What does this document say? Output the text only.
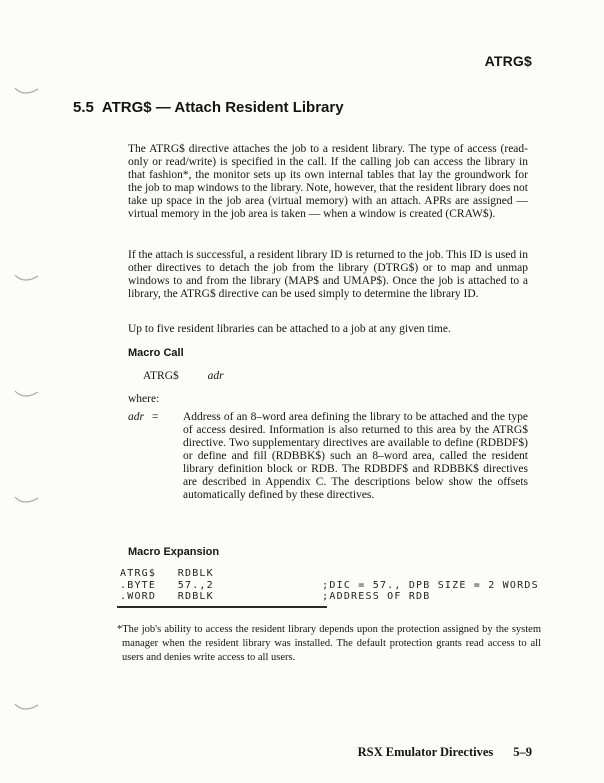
ATRG$
5.5 ATRG$ — Attach Resident Library

The ATRG$ directive attaches the job to a resident library. The type of access (read-only or read/write) is specified in the call. If the calling job can access the library in that fashion*, the monitor sets up its own internal tables that lay the groundwork for the job to map windows to the library. Note, however, that the resident library does not take up space in the job area (virtual memory) with an attach. APRs are assigned — virtual memory in the job area is taken — when a window is created (CRAW$).

If the attach is successful, a resident library ID is returned to the job. This ID is used in other directives to detach the job from the library (DTRG$) or to map and unmap windows to and from the library (MAP$ and UMAP$). Once the job is attached to a library, the ATRG$ directive can be used simply to determine the library ID.

Up to five resident libraries can be attached to a job at any given time.

Macro Call
ATRG$	adr
where:
adr = Address of an 8–word area defining the library to be attached and the type of access desired. Information is also returned to this area by the ATRG$ directive. Two supplementary directives are available to define (RDBDF$) or define and fill (RDBBK$) such an 8–word area, called the resident library definition block or RDB. The RDBDF$ and RDBBK$ directives are described in Appendix C. The descriptions below show the offsets automatically defined by these directives.
Macro Expansion
ATRG$   RDBLK
.BYTE   57.,2               ;DIC = 57., DPB SIZE = 2 WORDS
.WORD   RDBLK               ;ADDRESS OF RDB

*The job's ability to access the resident library depends upon the protection assigned by the system manager when the resident library was installed. The default protection grants read access to all users and denies write access to all users.

RSX Emulator Directives 5–9
